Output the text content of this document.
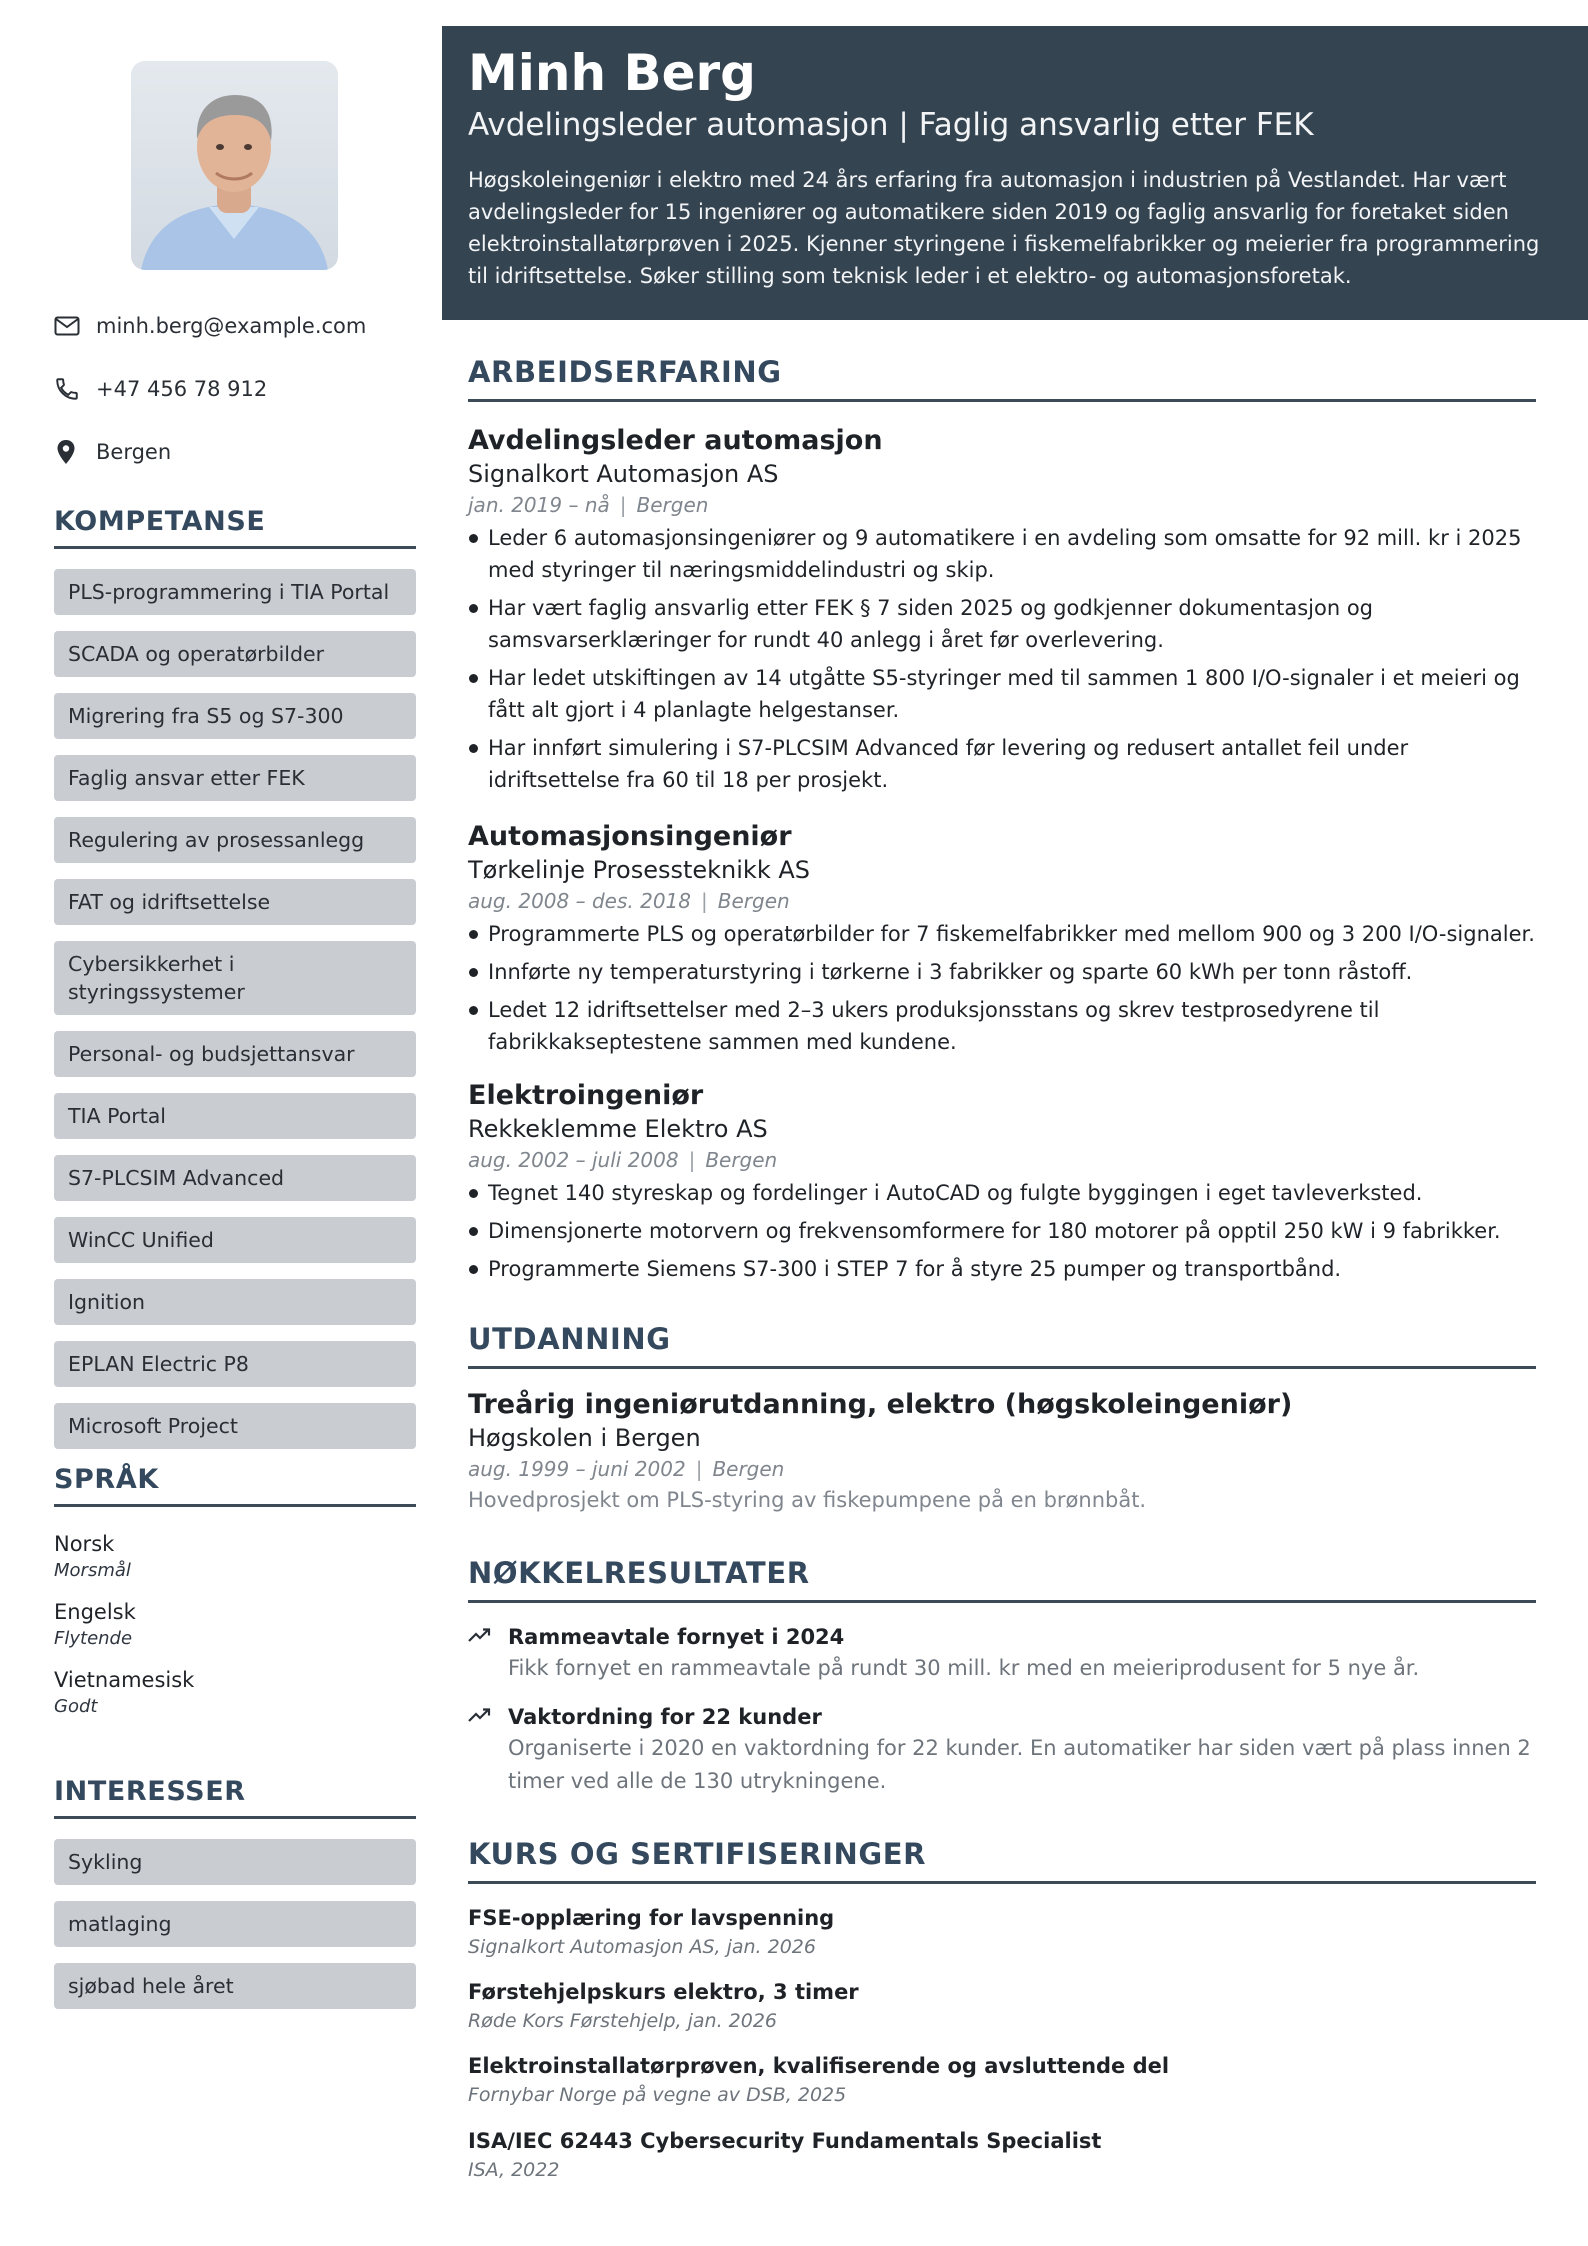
minh.berg@example.com
+47 456 78 912
Bergen
KOMPETANSE
PLS-programmering i TIA Portal
SCADA og operatørbilder
Migrering fra S5 og S7-300
Faglig ansvar etter FEK
Regulering av prosessanlegg
FAT og idriftsettelse
Cybersikkerhet i styringssystemer
Personal- og budsjettansvar
TIA Portal
S7-PLCSIM Advanced
WinCC Unified
Ignition
EPLAN Electric P8
Microsoft Project
SPRÅK
Norsk
Morsmål
Engelsk
Flytende
Vietnamesisk
Godt
INTERESSER
Sykling
matlaging
sjøbad hele året
Minh Berg
Avdelingsleder automasjon | Faglig ansvarlig etter FEK
Høgskoleingeniør i elektro med 24 års erfaring fra automasjon i industrien på Vestlandet. Har vært avdelingsleder for 15 ingeniører og automatikere siden 2019 og faglig ansvarlig for foretaket siden elektroinstallatørprøven i 2025. Kjenner styringene i fiskemelfabrikker og meierier fra programmering til idriftsettelse. Søker stilling som teknisk leder i et elektro- og automasjonsforetak.
ARBEIDSERFARING
Avdelingsleder automasjon
Signalkort Automasjon AS
jan. 2019 – nå | Bergen
Leder 6 automasjonsingeniører og 9 automatikere i en avdeling som omsatte for 92 mill. kr i 2025 med styringer til næringsmiddelindustri og skip.
Har vært faglig ansvarlig etter FEK § 7 siden 2025 og godkjenner dokumentasjon og samsvarserklæringer for rundt 40 anlegg i året før overlevering.
Har ledet utskiftingen av 14 utgåtte S5-styringer med til sammen 1 800 I/O-signaler i et meieri og fått alt gjort i 4 planlagte helgestanser.
Har innført simulering i S7-PLCSIM Advanced før levering og redusert antallet feil under idriftsettelse fra 60 til 18 per prosjekt.
Automasjonsingeniør
Tørkelinje Prosessteknikk AS
aug. 2008 – des. 2018 | Bergen
Programmerte PLS og operatørbilder for 7 fiskemelfabrikker med mellom 900 og 3 200 I/O-signaler.
Innførte ny temperaturstyring i tørkerne i 3 fabrikker og sparte 60 kWh per tonn råstoff.
Ledet 12 idriftsettelser med 2–3 ukers produksjonsstans og skrev testprosedyrene til fabrikkakseptestene sammen med kundene.
Elektroingeniør
Rekkeklemme Elektro AS
aug. 2002 – juli 2008 | Bergen
Tegnet 140 styreskap og fordelinger i AutoCAD og fulgte byggingen i eget tavleverksted.
Dimensjonerte motorvern og frekvensomformere for 180 motorer på opptil 250 kW i 9 fabrikker.
Programmerte Siemens S7-300 i STEP 7 for å styre 25 pumper og transportbånd.
UTDANNING
Treårig ingeniørutdanning, elektro (høgskoleingeniør)
Høgskolen i Bergen
aug. 1999 – juni 2002 | Bergen
Hovedprosjekt om PLS-styring av fiskepumpene på en brønnbåt.
NØKKELRESULTATER
Rammeavtale fornyet i 2024
Fikk fornyet en rammeavtale på rundt 30 mill. kr med en meieriprodusent for 5 nye år.
Vaktordning for 22 kunder
Organiserte i 2020 en vaktordning for 22 kunder. En automatiker har siden vært på plass innen 2 timer ved alle de 130 utrykningene.
KURS OG SERTIFISERINGER
FSE-opplæring for lavspenning
Signalkort Automasjon AS, jan. 2026
Førstehjelpskurs elektro, 3 timer
Røde Kors Førstehjelp, jan. 2026
Elektroinstallatørprøven, kvalifiserende og avsluttende del
Fornybar Norge på vegne av DSB, 2025
ISA/IEC 62443 Cybersecurity Fundamentals Specialist
ISA, 2022
